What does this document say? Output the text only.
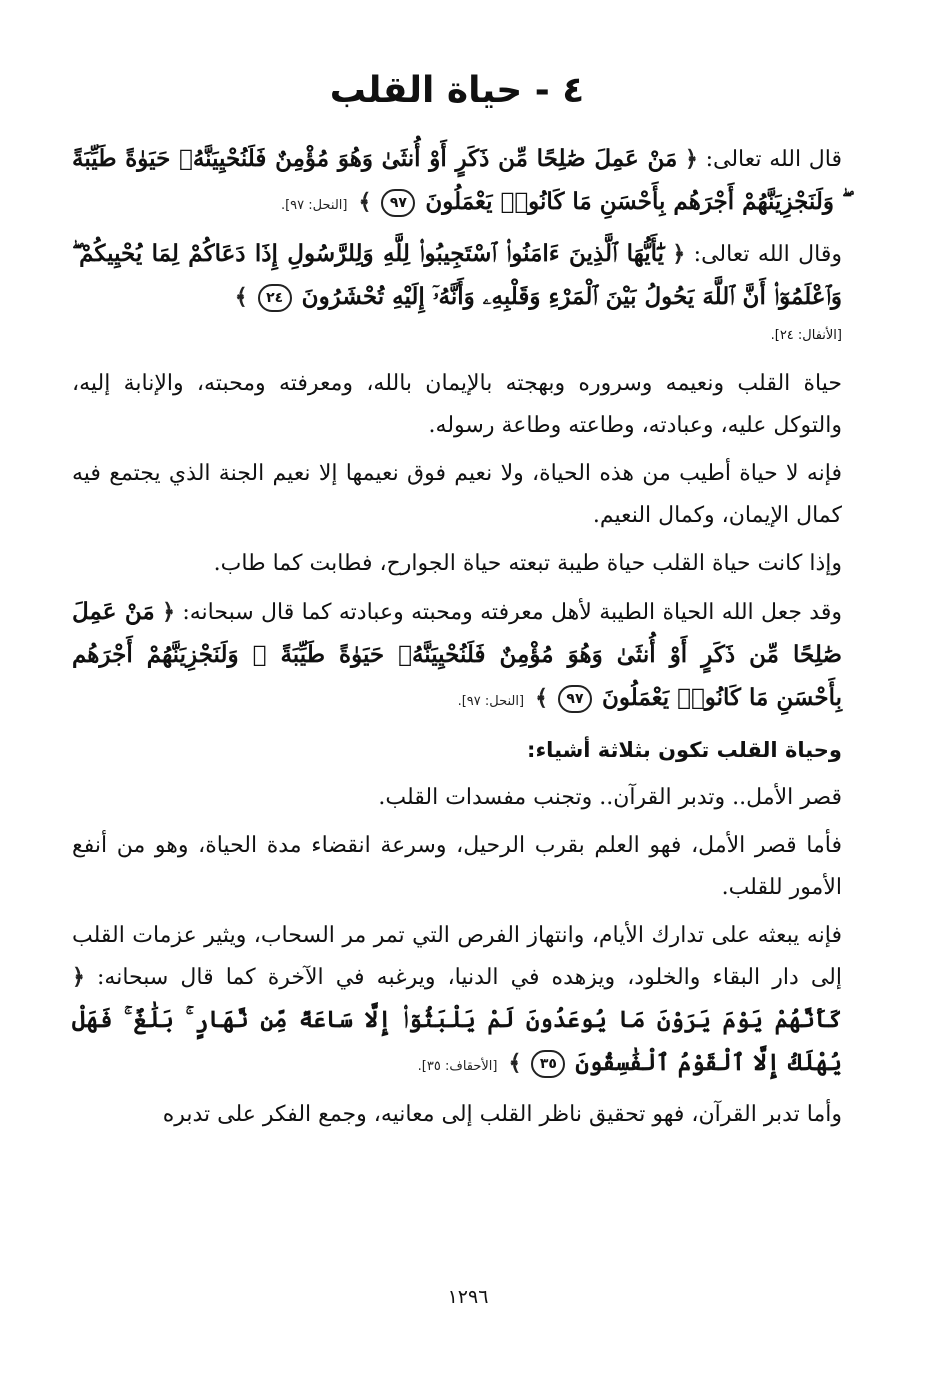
٤ - حياة القلب
قال الله تعالى: ﴿ مَنْ عَمِلَ صَٰلِحًا مِّن ذَكَرٍ أَوْ أُنثَىٰ وَهُوَ مُؤْمِنٌ فَلَنُحْيِيَنَّهُۥ حَيَوٰةً طَيِّبَةً ۖ وَلَنَجْزِيَنَّهُمْ أَجْرَهُم بِأَحْسَنِ مَا كَانُوا۟ يَعْمَلُونَ ٩٧ ﴾ [النحل: ٩٧].
وقال الله تعالى: ﴿ يَٰٓأَيُّهَا ٱلَّذِينَ ءَامَنُوا۟ ٱسْتَجِيبُوا۟ لِلَّهِ وَلِلرَّسُولِ إِذَا دَعَاكُمْ لِمَا يُحْيِيكُمْ ۖ وَٱعْلَمُوٓا۟ أَنَّ ٱللَّهَ يَحُولُ بَيْنَ ٱلْمَرْءِ وَقَلْبِهِۦ وَأَنَّهُۥٓ إِلَيْهِ تُحْشَرُونَ ٢٤ ﴾
[الأنفال: ٢٤].

حياة القلب ونعيمه وسروره وبهجته بالإيمان بالله، ومعرفته ومحبته، والإنابة إليه، والتوكل عليه، وعبادته، وطاعته وطاعة رسوله.

فإنه لا حياة أطيب من هذه الحياة، ولا نعيم فوق نعيمها إلا نعيم الجنة الذي يجتمع فيه كمال الإيمان، وكمال النعيم.

وإذا كانت حياة القلب حياة طيبة تبعته حياة الجوارح، فطابت كما طاب.

وقد جعل الله الحياة الطيبة لأهل معرفته ومحبته وعبادته كما قال سبحانه: ﴿ مَنْ عَمِلَ صَٰلِحًا مِّن ذَكَرٍ أَوْ أُنثَىٰ وَهُوَ مُؤْمِنٌ فَلَنُحْيِيَنَّهُۥ حَيَوٰةً طَيِّبَةً ۖ وَلَنَجْزِيَنَّهُمْ أَجْرَهُم بِأَحْسَنِ مَا كَانُوا۟ يَعْمَلُونَ ٩٧ ﴾ [النحل: ٩٧].
وحياة القلب تكون بثلاثة أشياء:

قصر الأمل.. وتدبر القرآن.. وتجنب مفسدات القلب.

فأما قصر الأمل، فهو العلم بقرب الرحيل، وسرعة انقضاء مدة الحياة، وهو من أنفع الأمور للقلب.

فإنه يبعثه على تدارك الأيام، وانتهاز الفرص التي تمر مر السحاب، ويثير عزمات القلب إلى دار البقاء والخلود، ويزهده في الدنيا، ويرغبه في الآخرة كما قال سبحانه: ﴿ كَأَنَّهُمْ يَوْمَ يَرَوْنَ مَا يُوعَدُونَ لَمْ يَلْبَثُوٓا۟ إِلَّا سَاعَةً مِّن نَّهَارٍ ۚ بَلَٰغٌ ۚ فَهَلْ يُهْلَكُ إِلَّا ٱلْقَوْمُ ٱلْفَٰسِقُونَ ٣٥ ﴾ [الأحقاف: ٣٥].

وأما تدبر القرآن، فهو تحقيق ناظر القلب إلى معانيه، وجمع الفكر على تدبره

١٢٩٦
